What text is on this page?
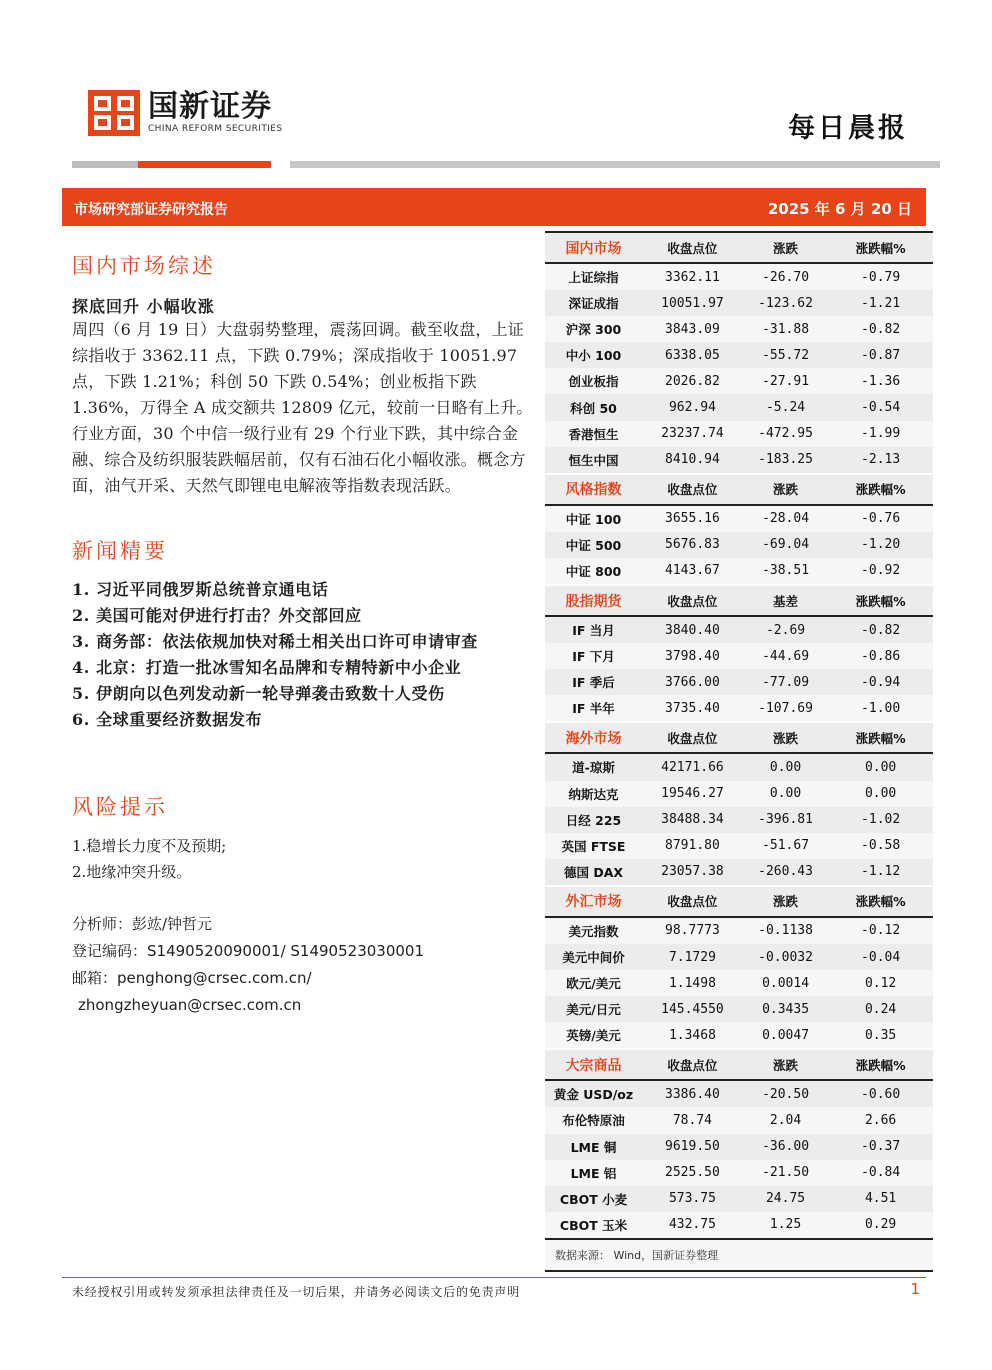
国新证券
CHINA REFORM SECURITIES	每日晨报
市场研究部证券研究报告	2025 年 6 月 20 日
国内市场综述
探底回升 小幅收涨
周四（6 月 19 日）大盘弱势整理，震荡回调。截至收盘，上证综指收于 3362.11 点，下跌 0.79%；深成指收于 10051.97 点，下跌 1.21%；科创 50 下跌 0.54%；创业板指下跌 1.36%，万得全 A 成交额共 12809 亿元，较前一日略有上升。
行业方面，30 个中信一级行业有 29 个行业下跌，其中综合金融、综合及纺织服装跌幅居前，仅有石油石化小幅收涨。概念方面，油气开采、天然气即锂电电解液等指数表现活跃。
新闻精要
1. 习近平同俄罗斯总统普京通电话
2. 美国可能对伊进行打击？外交部回应
3. 商务部：依法依规加快对稀土相关出口许可申请审查
4. 北京：打造一批冰雪知名品牌和专精特新中小企业
5. 伊朗向以色列发动新一轮导弹袭击致数十人受伤
6. 全球重要经济数据发布
风险提示
1.稳增长力度不及预期;
2.地缘冲突升级。
分析师：彭竑/钟哲元
登记编码：S1490520090001/ S1490523030001
邮箱：penghong@crsec.com.cn/
zhongzheyuan@crsec.com.cn
国内市场	收盘点位	涨跌	涨跌幅%
上证综指	3362.11	-26.70	-0.79
深证成指	10051.97	-123.62	-1.21
沪深 300	3843.09	-31.88	-0.82
中小 100	6338.05	-55.72	-0.87
创业板指	2026.82	-27.91	-1.36
科创 50	962.94	-5.24	-0.54
香港恒生	23237.74	-472.95	-1.99
恒生中国	8410.94	-183.25	-2.13

风格指数	收盘点位	涨跌	涨跌幅%
中证 100	3655.16	-28.04	-0.76
中证 500	5676.83	-69.04	-1.20
中证 800	4143.67	-38.51	-0.92

股指期货	收盘点位	基差	涨跌幅%
IF 当月	3840.40	-2.69	-0.82
IF 下月	3798.40	-44.69	-0.86
IF 季后	3766.00	-77.09	-0.94
IF 半年	3735.40	-107.69	-1.00

海外市场	收盘点位	涨跌	涨跌幅%
道-琼斯	42171.66	0.00	0.00
纳斯达克	19546.27	0.00	0.00
日经 225	38488.34	-396.81	-1.02
英国 FTSE	8791.80	-51.67	-0.58
德国 DAX	23057.38	-260.43	-1.12

外汇市场	收盘点位	涨跌	涨跌幅%
美元指数	98.7773	-0.1138	-0.12
美元中间价	7.1729	-0.0032	-0.04
欧元/美元	1.1498	0.0014	0.12
美元/日元	145.4550	0.3435	0.24
英镑/美元	1.3468	0.0047	0.35

大宗商品	收盘点位	涨跌	涨跌幅%
黄金 USD/oz	3386.40	-20.50	-0.60
布伦特原油	78.74	2.04	2.66
LME 铜	9619.50	-36.00	-0.37
LME 铝	2525.50	-21.50	-0.84
CBOT 小麦	573.75	24.75	4.51
CBOT 玉米	432.75	1.25	0.29
数据来源： Wind，国新证券整理			
未经授权引用或转发须承担法律责任及一切后果，并请务必阅读文后的免责声明	1
